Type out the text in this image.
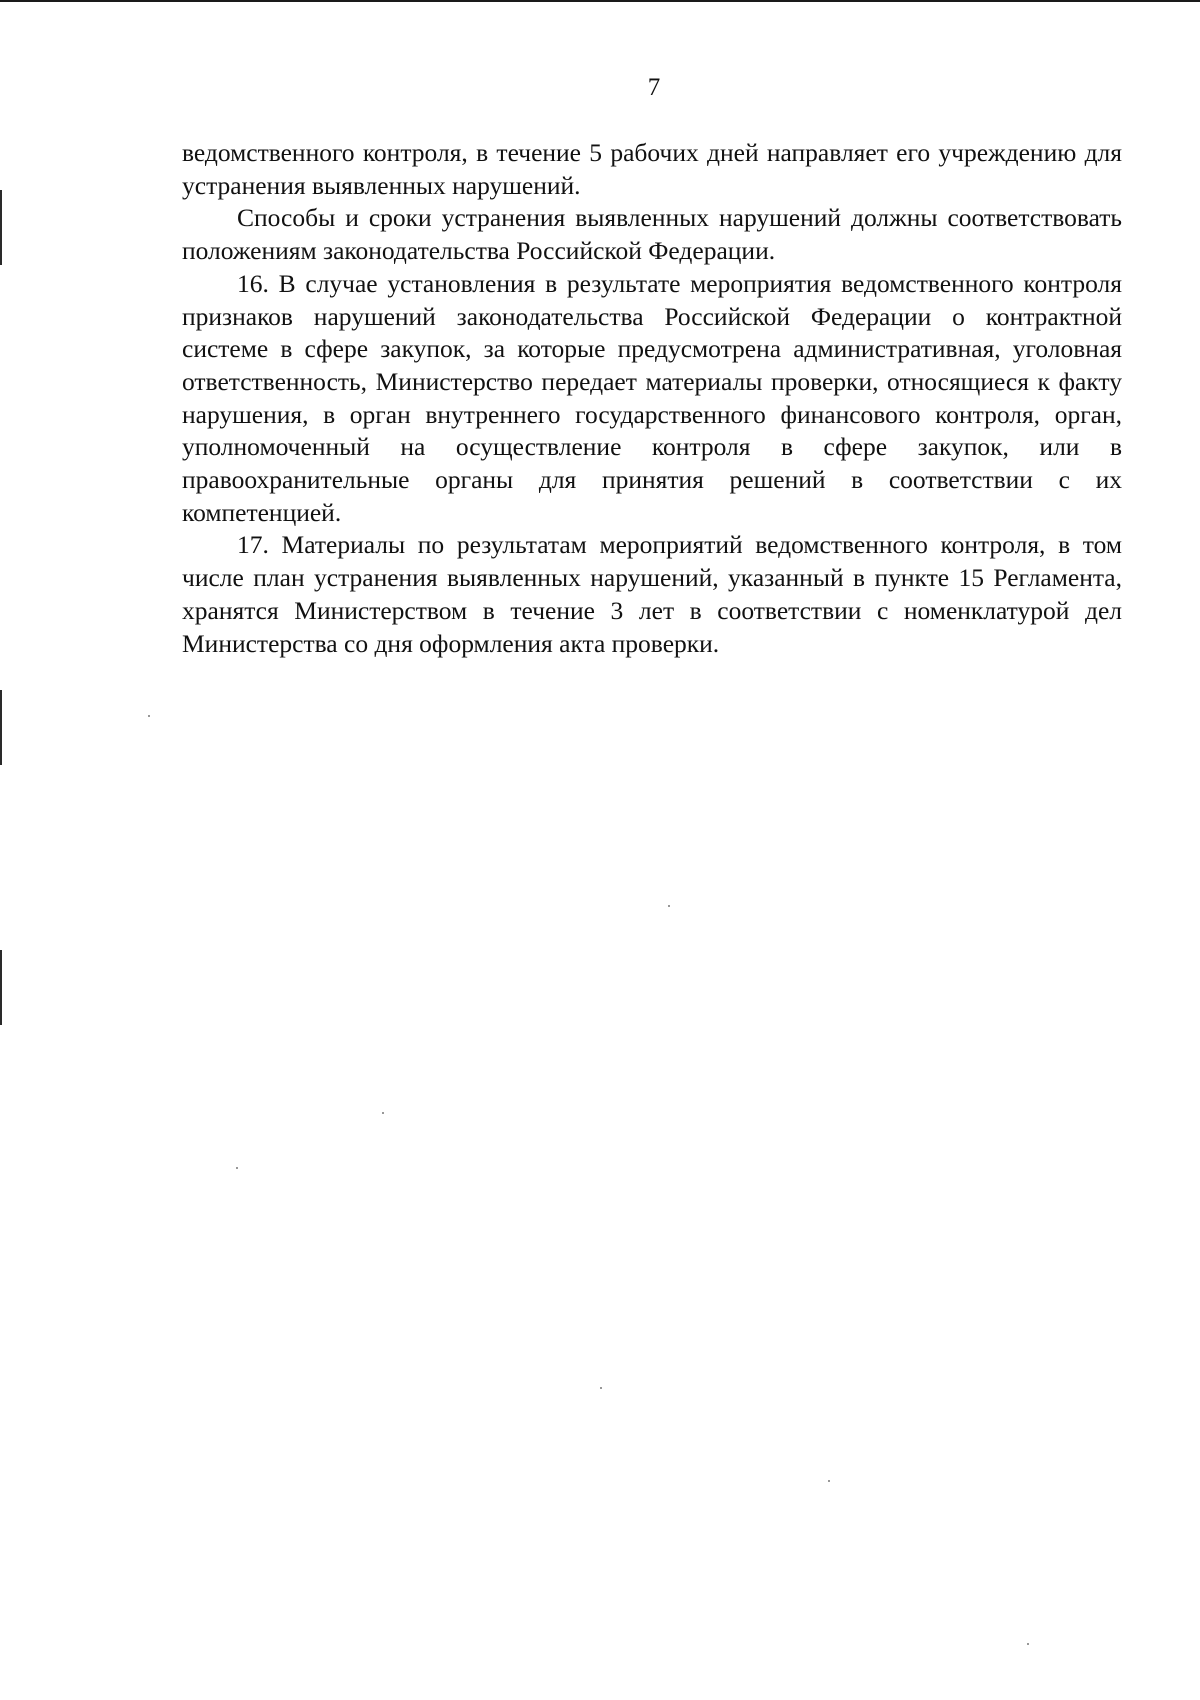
7

ведомственного контроля, в течение 5 рабочих дней направляет его учреждению для устранения выявленных нарушений.

Способы и сроки устранения выявленных нарушений должны соответствовать положениям законодательства Российской Федерации.

16. В случае установления в результате мероприятия ведомственного контроля признаков нарушений законодательства Российской Федерации о контрактной системе в сфере закупок, за которые предусмотрена административная, уголовная ответственность, Министерство передает материалы проверки, относящиеся к факту нарушения, в орган внутреннего государственного финансового контроля, орган, уполномоченный на осуществление контроля в сфере закупок, или в правоохранительные органы для принятия решений в соответствии с их компетенцией.

17. Материалы по результатам мероприятий ведомственного контроля, в том числе план устранения выявленных нарушений, указанный в пункте 15 Регламента, хранятся Министерством в течение 3 лет в соответствии с номенклатурой дел Министерства со дня оформления акта проверки.
